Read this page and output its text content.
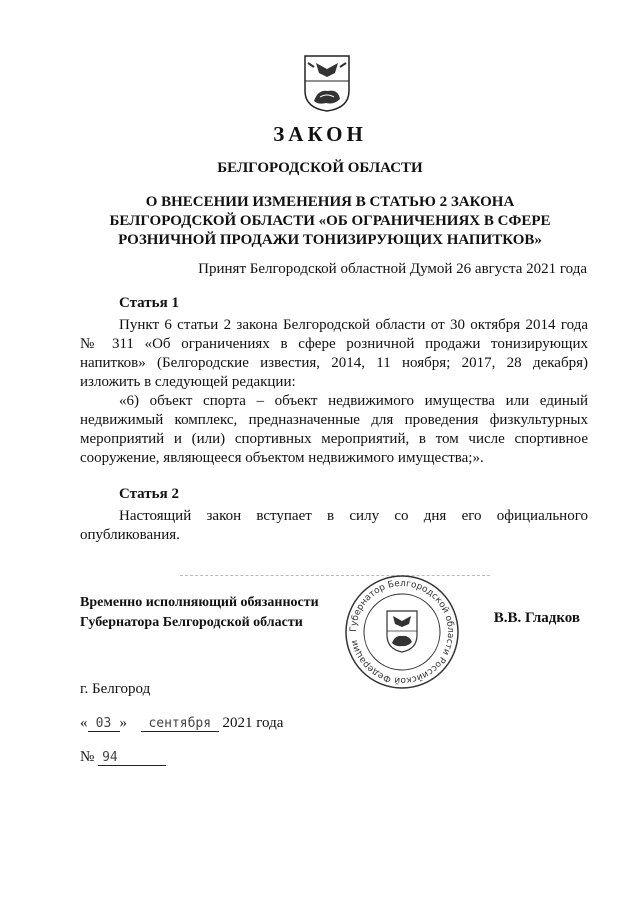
ЗАКОН
БЕЛГОРОДСКОЙ ОБЛАСТИ
О ВНЕСЕНИИ ИЗМЕНЕНИЯ В СТАТЬЮ 2 ЗАКОНА
БЕЛГОРОДСКОЙ ОБЛАСТИ «ОБ ОГРАНИЧЕНИЯХ В СФЕРЕ
РОЗНИЧНОЙ ПРОДАЖИ ТОНИЗИРУЮЩИХ НАПИТКОВ»
Принят Белгородской областной Думой 26 августа 2021 года
Статья 1

Пункт 6 статьи 2 закона Белгородской области от 30 октября 2014 года № 311 «Об ограничениях в сфере розничной продажи тонизирующих напитков» (Белгородские известия, 2014, 11 ноября; 2017, 28 декабря) изложить в следующей редакции:

«6) объект спорта – объект недвижимого имущества или единый недвижимый комплекс, предназначенные для проведения физкультурных мероприятий и (или) спортивных мероприятий, в том числе спортивное сооружение, являющееся объектом недвижимого имущества;».

Статья 2

Настоящий закон вступает в силу со дня его официального опубликования.

Временно исполняющий обязанности
Губернатора Белгородской области	Губернатор Белгородской области Российской Федерации
В.В. Гладков
г. Белгород
« 03 » сентября 2021 года
№ 94
